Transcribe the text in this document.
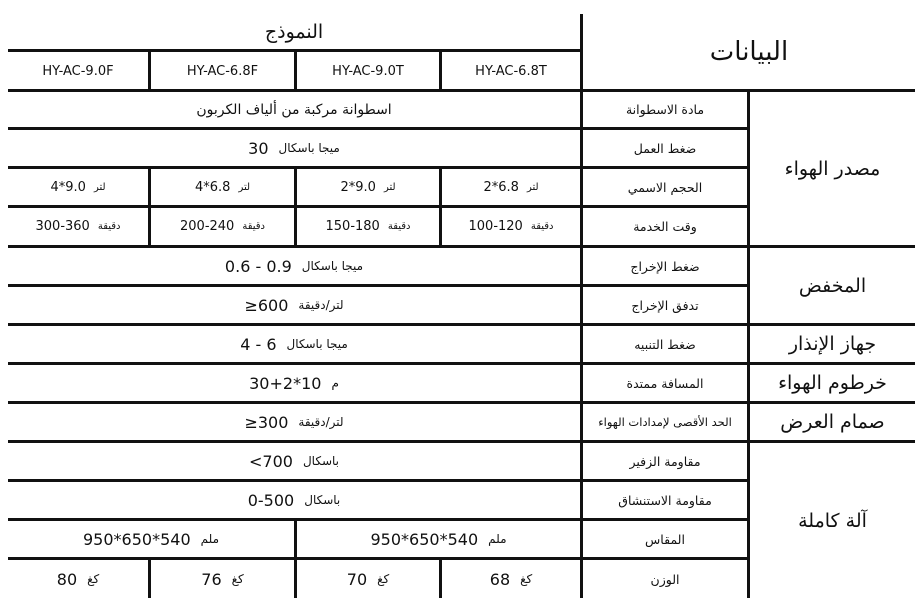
البيانات
النموذج
HY-AC-6.8T
HY-AC-9.0T
HY-AC-6.8F
HY-AC-9.0F
مصدر الهواء
المخفض
جهاز الإنذار
خرطوم الهواء
صمام العرض
آلة كاملة
مادة الاسطوانة
ضغط العمل
الحجم الاسمي
وقت الخدمة
ضغط الإخراج
تدفق الإخراج
ضغط التنبيه
المسافة ممتدة
الحد الأقصى لإمدادات الهواء
مقاومة الزفير
مقاومة الاستنشاق
المقاس
الوزن
اسطوانة مركبة من ألياف الكربون
ميجا باسكال
30
لتر
2*6.8
لتر
2*9.0
لتر
4*6.8
لتر
4*9.0
دقيقة
100-120
دقيقة
150-180
دقيقة
200-240
دقيقة
300-360
ميجا باسكال
0.6 - 0.9
لتر/دقيقة
≥600
ميجا باسكال
4 - 6
م
30+2*10
لتر/دقيقة
≥300
باسكال
<700
باسكال
0-500
ملم
950*650*540
ملم
950*650*540
كغ
68
كغ
70
كغ
76
كغ
80
